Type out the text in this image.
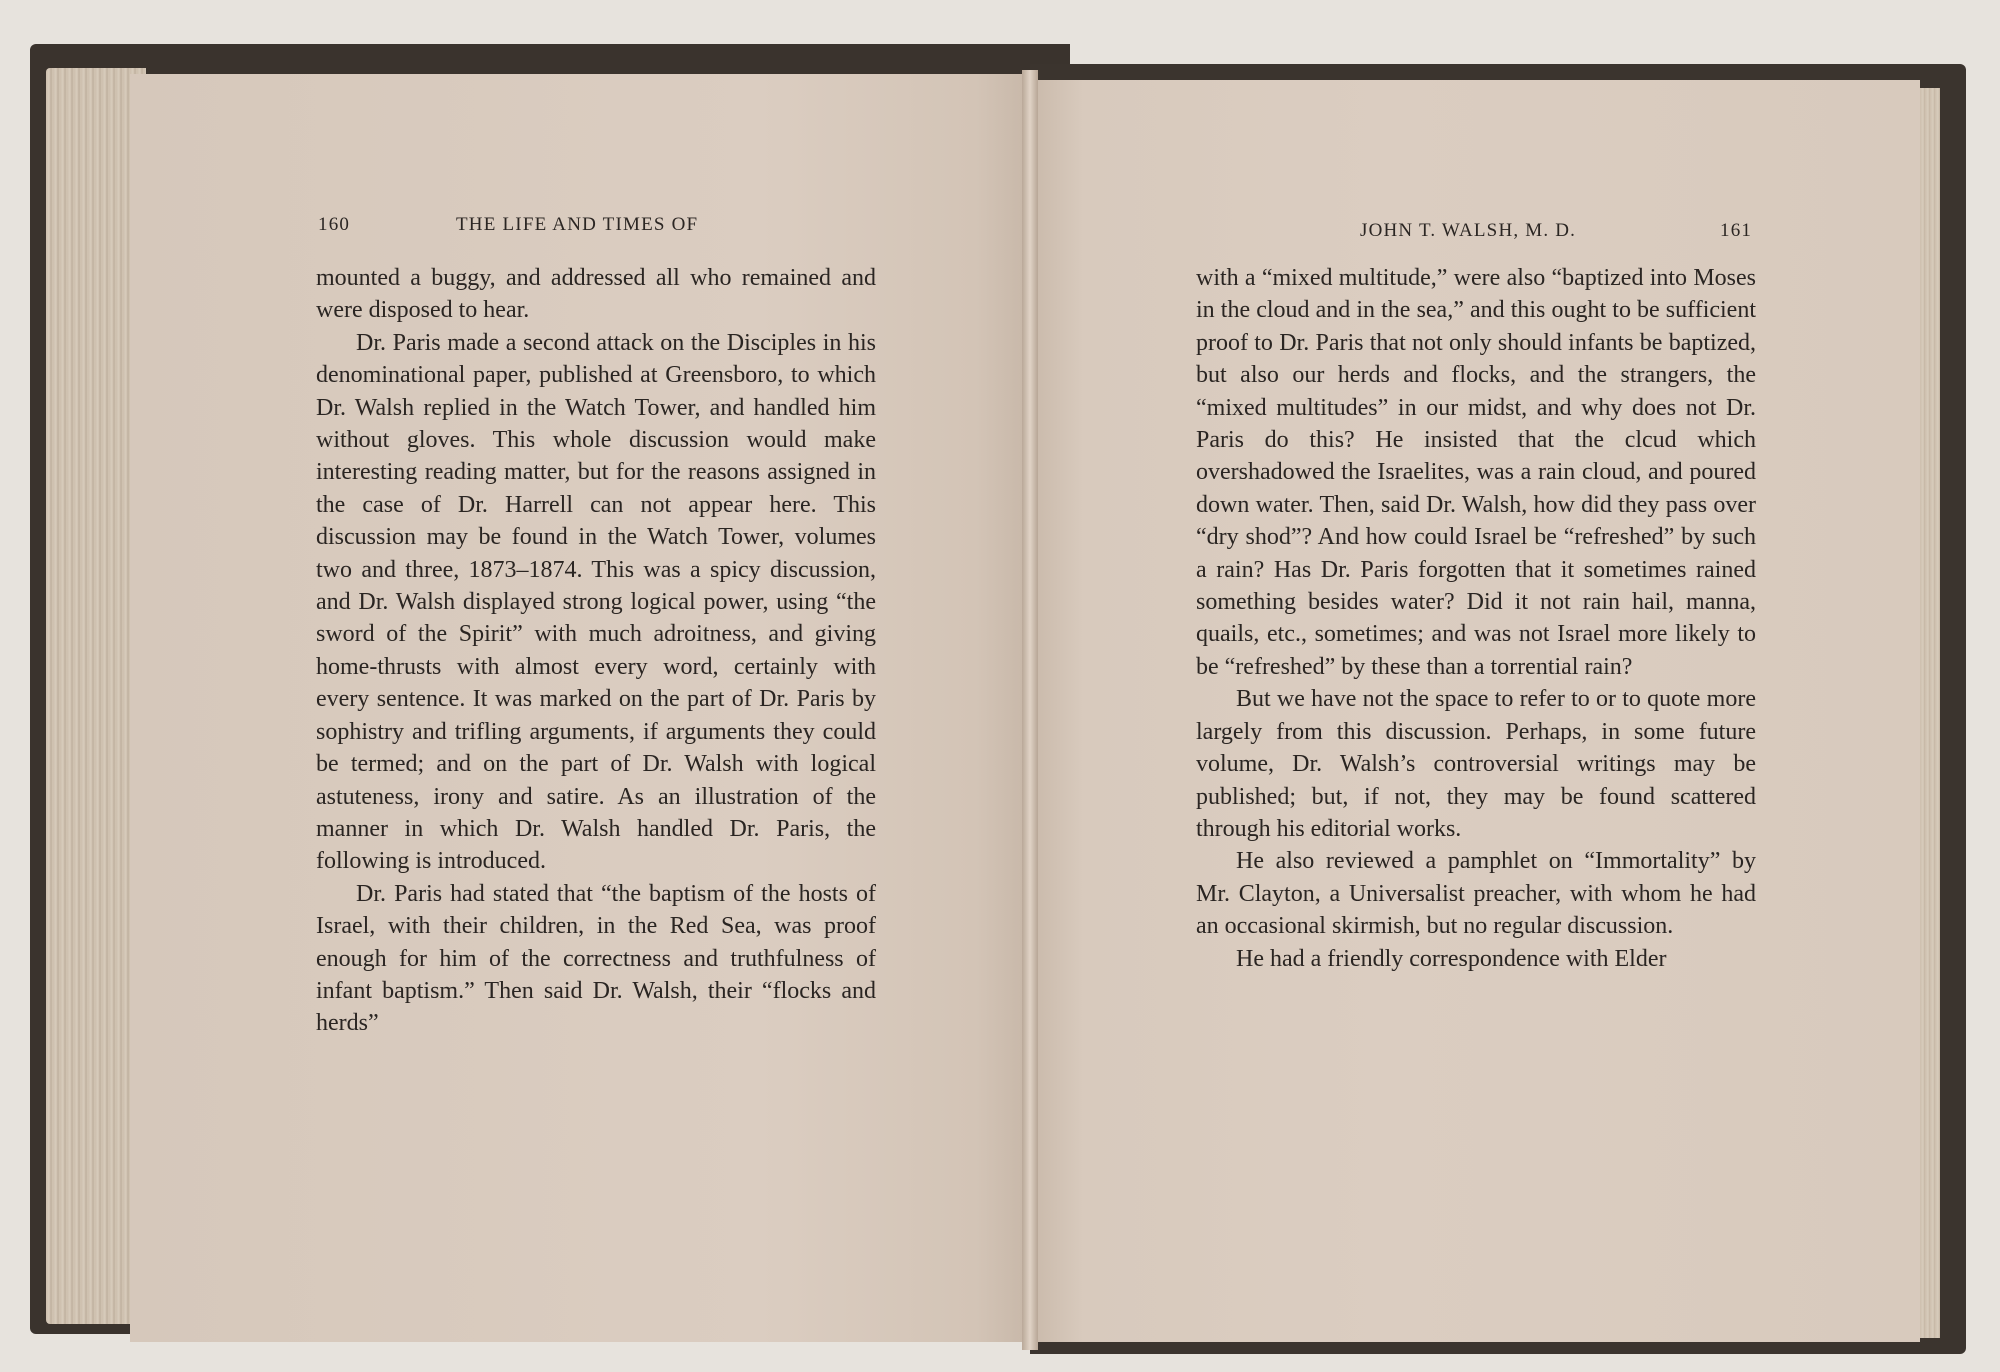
160	THE LIFE AND TIMES OF

mounted a buggy, and addressed all who remained and were disposed to hear.

Dr. Paris made a second attack on the Disciples in his denominational paper, published at Greensboro, to which Dr. Walsh replied in the Watch Tower, and handled him without gloves. This whole discussion would make interesting reading matter, but for the reasons assigned in the case of Dr. Harrell can not appear here. This discussion may be found in the Watch Tower, volumes two and three, 1873–1874. This was a spicy discussion, and Dr. Walsh displayed strong logical power, using “the sword of the Spirit” with much adroitness, and giving home-thrusts with almost every word, certainly with every sentence. It was marked on the part of Dr. Paris by sophistry and trifling arguments, if arguments they could be termed; and on the part of Dr. Walsh with logical astuteness, irony and satire. As an illustration of the manner in which Dr. Walsh handled Dr. Paris, the following is introduced.

Dr. Paris had stated that “the baptism of the hosts of Israel, with their children, in the Red Sea, was proof enough for him of the correctness and truthfulness of infant baptism.” Then said Dr. Walsh, their “flocks and herds”

JOHN T. WALSH, M. D.	161

with a “mixed multitude,” were also “baptized into Moses in the cloud and in the sea,” and this ought to be sufficient proof to Dr. Paris that not only should infants be baptized, but also our herds and flocks, and the strangers, the “mixed multitudes” in our midst, and why does not Dr. Paris do this? He insisted that the clcud which overshadowed the Israelites, was a rain cloud, and poured down water. Then, said Dr. Walsh, how did they pass over “dry shod”? And how could Israel be “refreshed” by such a rain? Has Dr. Paris forgotten that it sometimes rained something besides water? Did it not rain hail, manna, quails, etc., sometimes; and was not Israel more likely to be “refreshed” by these than a torrential rain?

But we have not the space to refer to or to quote more largely from this discussion. Perhaps, in some future volume, Dr. Walsh’s controversial writings may be published; but, if not, they may be found scattered through his editorial works.

He also reviewed a pamphlet on “Immortality” by Mr. Clayton, a Universalist preacher, with whom he had an occasional skirmish, but no regular discussion.

He had a friendly correspondence with Elder
